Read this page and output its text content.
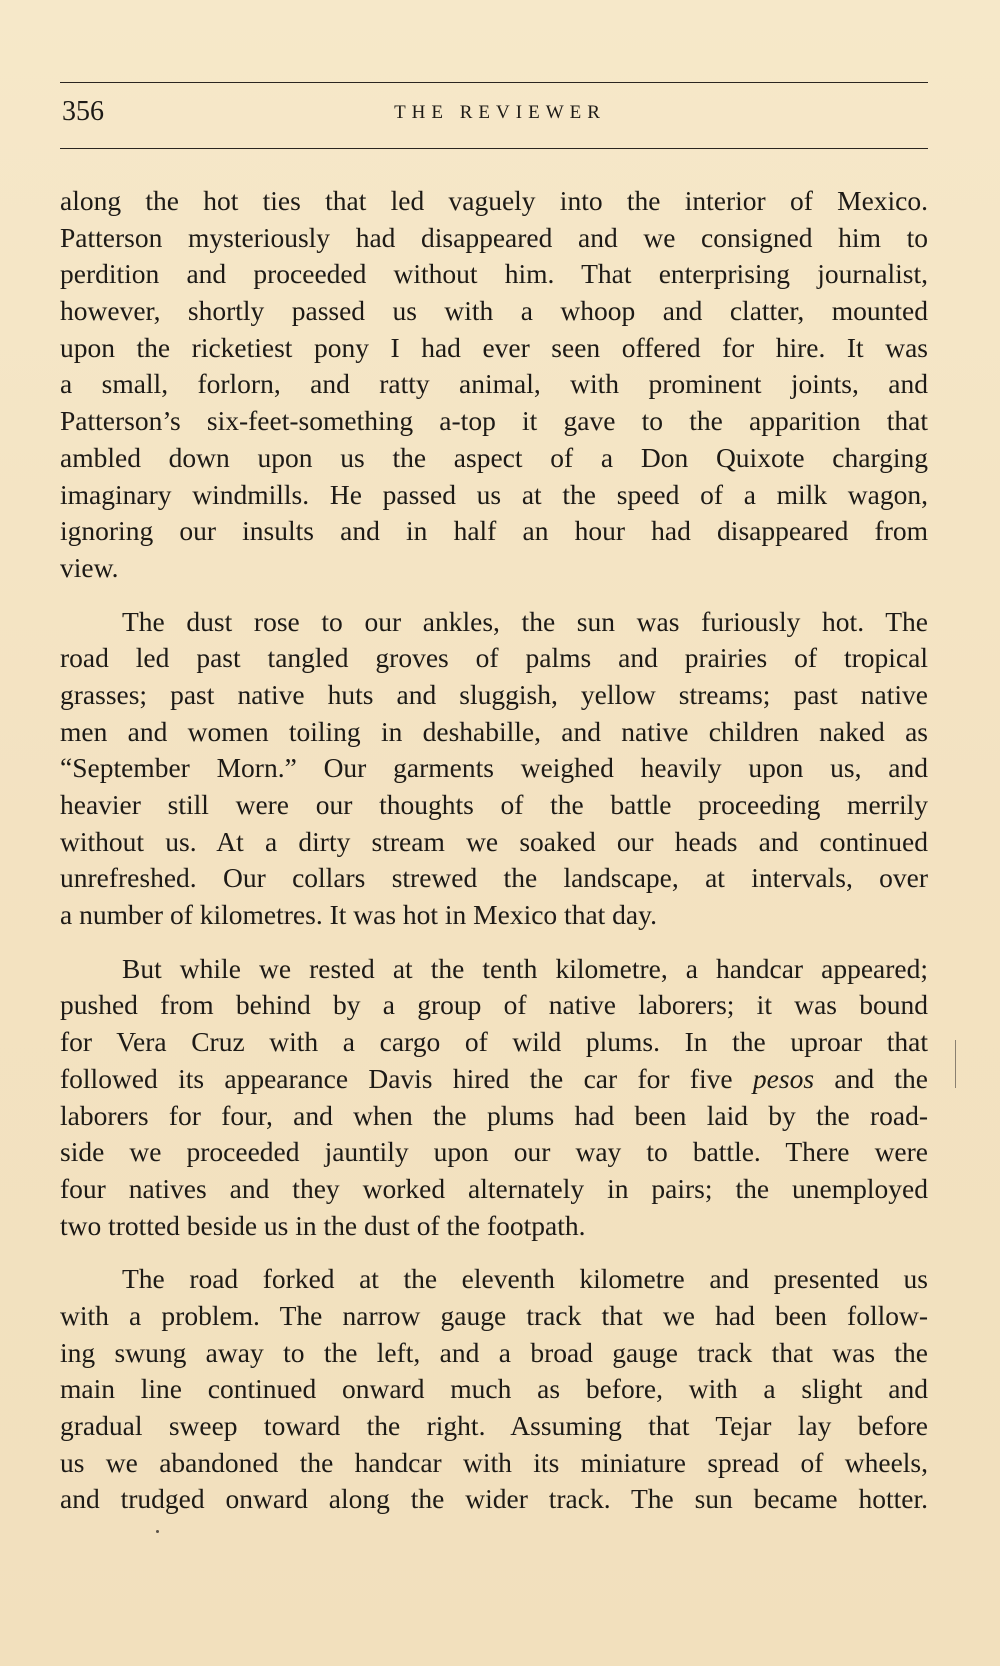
356	THE REVIEWER
along the hot ties that led vaguely into the interior of Mexico.
Patterson mysteriously had disappeared and we consigned him to
perdition and proceeded without him. That enterprising journalist,
however, shortly passed us with a whoop and clatter, mounted
upon the ricketiest pony I had ever seen offered for hire. It was
a small, forlorn, and ratty animal, with prominent joints, and
Patterson’s six-feet-something a-top it gave to the apparition that
ambled down upon us the aspect of a Don Quixote charging
imaginary windmills. He passed us at the speed of a milk wagon,
ignoring our insults and in half an hour had disappeared from
view.
The dust rose to our ankles, the sun was furiously hot. The
road led past tangled groves of palms and prairies of tropical
grasses; past native huts and sluggish, yellow streams; past native
men and women toiling in deshabille, and native children naked as
“September Morn.” Our garments weighed heavily upon us, and
heavier still were our thoughts of the battle proceeding merrily
without us. At a dirty stream we soaked our heads and continued
unrefreshed. Our collars strewed the landscape, at intervals, over
a number of kilometres. It was hot in Mexico that day.
But while we rested at the tenth kilometre, a handcar appeared;
pushed from behind by a group of native laborers; it was bound
for Vera Cruz with a cargo of wild plums. In the uproar that
followed its appearance Davis hired the car for five pesos and the
laborers for four, and when the plums had been laid by the road-
side we proceeded jauntily upon our way to battle. There were
four natives and they worked alternately in pairs; the unemployed
two trotted beside us in the dust of the footpath.
The road forked at the eleventh kilometre and presented us
with a problem. The narrow gauge track that we had been follow-
ing swung away to the left, and a broad gauge track that was the
main line continued onward much as before, with a slight and
gradual sweep toward the right. Assuming that Tejar lay before
us we abandoned the handcar with its miniature spread of wheels,
and trudged onward along the wider track. The sun became hotter.
